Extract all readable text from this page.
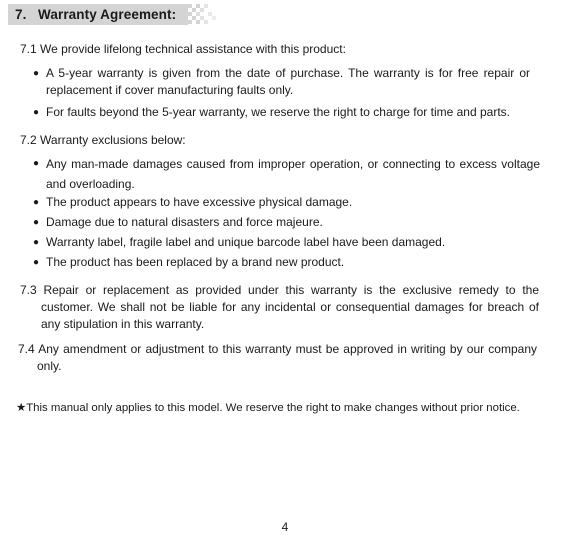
7.   Warranty Agreement:

7.1 We provide lifelong technical assistance with this product:

● A 5-year warranty is given from the date of purchase. The warranty is for free repair or replacement if cover manufacturing faults only.
● For faults beyond the 5-year warranty, we reserve the right to charge for time and parts.

7.2 Warranty exclusions below:

● Any man-made damages caused from improper operation, or connecting to excess voltage and overloading.
● The product appears to have excessive physical damage.
● Damage due to natural disasters and force majeure.
● Warranty label, fragile label and unique barcode label have been damaged.
● The product has been replaced by a brand new product.

7.3 Repair or replacement as provided under this warranty is the exclusive remedy to the customer. We shall not be liable for any incidental or consequential damages for breach of any stipulation in this warranty.

7.4 Any amendment or adjustment to this warranty must be approved in writing by our company only.

★This manual only applies to this model. We reserve the right to make changes without prior notice.
4
